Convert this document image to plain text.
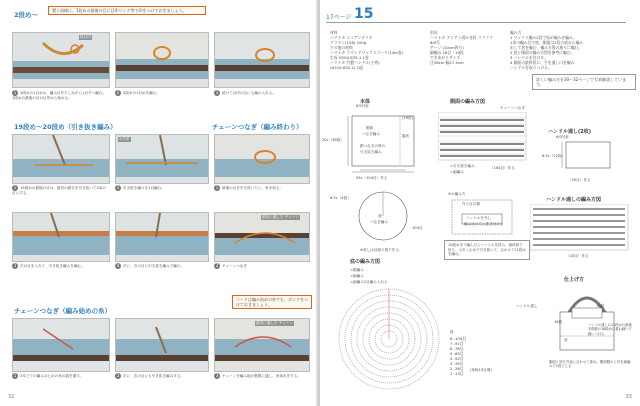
2段め〜
置と同様に、1段めの最後の目に目印リング等で印をつけておきましょう。
段目印
1 2段めの1目めは、編み目をたしながら1目ずつ編む。1段めの最後の目の目印から始める。
2 2段めの1目めを編む。	3 続けて目印の目にも編み入れる。
19段め〜20段め（引き抜き編み）	チェーンつなぎ（編み終わり）
かぎ針
1 19段めの最後の目は、最初の鎖目を引き抜いて3本の目にする。
2 引き抜き編みを1目編む。	1 最後の目を引き抜いたら、糸を切る。
最初に通した チェーン
3 次の目を入れて、引き抜き編みを編む。	4 次に、次の目に引き抜き編みで編む。	2 チェーンつなぎ
チェーンつなぎ（編み始めの糸）
コードは編み始めの糸でも、ボンドをつけておきましょう。
最初に通した チェーン
1 3本どりの編みはじめの糸の端を通す。	2 次に、次の目にも引き抜き編みする。	3 チェーンを編み地の裏側に通し、糸始末をする。
32
17ページ 15
材料
ハマナカ エコアンダリヤ
グラタン(156) 100g
その他の材料
ハマナカ ラウンドワックスコード(14m巻)
生成 H204-633-1 1巻
ハマナカ 竹製ハンドル(小判)
(H210-632-1) 1組
用具
ハマナカ アミアミ両かぎ針 ラクラク
6/0号
ゲージ (10cm四方)
細編み 18目・19段
できあがりサイズ
注38cm 幅27.5cm
編み方
1 ワックス編み2段で始め編みを編み、
1本の編み目で底、側面は2段の底から編み
出して底を編む、編み方図の通りに編む。
2 底と側面の編み方図を参考に編む。
3 ハンドルを付ける。
4 側面の最終段に、手を通し口を編み
ハンドルを取りつける。
詳しい編み方を30〜32ページで写真解説しています。
本体
6/0号針
側面
つなぎ編み
20c（38段）
55c（104目）作る
脇糸
(19段)
鎖つなぎの時の
引き抜き編み
6.5c（4段）
104目
底
つなぎ編み
※底しは目減り数で作る。
側面の編み方図
チェーンつなぎ
=引き抜き編み
=細編み
（104目）作る
ハンドル通し(2枚)
6/0号針
6.5c（12段）
（20目）作る
※の編み方
作り目の鎖
ハンドルを外し
編み目の方に巻き付ける
10段めまで編んだらハンドルを挟み、最終段で折り、ボタン止めで引き抜いて、合わせて11段めを編む。
ハンドル通しの編み方図
（20目）作る
底の編み方図
=鎖編み
=細編み
=細編み2目編み入れる
段
8 -104目
7 -91目
6 -78目
5 -65目
4 -52目
3 -39目
2 -26目
1 -13目
(毎段13目増)
仕上げ方
ハンドル通し	16段
16段
底
ハンドル通しの11段めの最後を側面の16段めに重ね縫いで縫いつける
側面と底を外表に合わせて重ね、側面側から外を細編みで1段とじる
33
